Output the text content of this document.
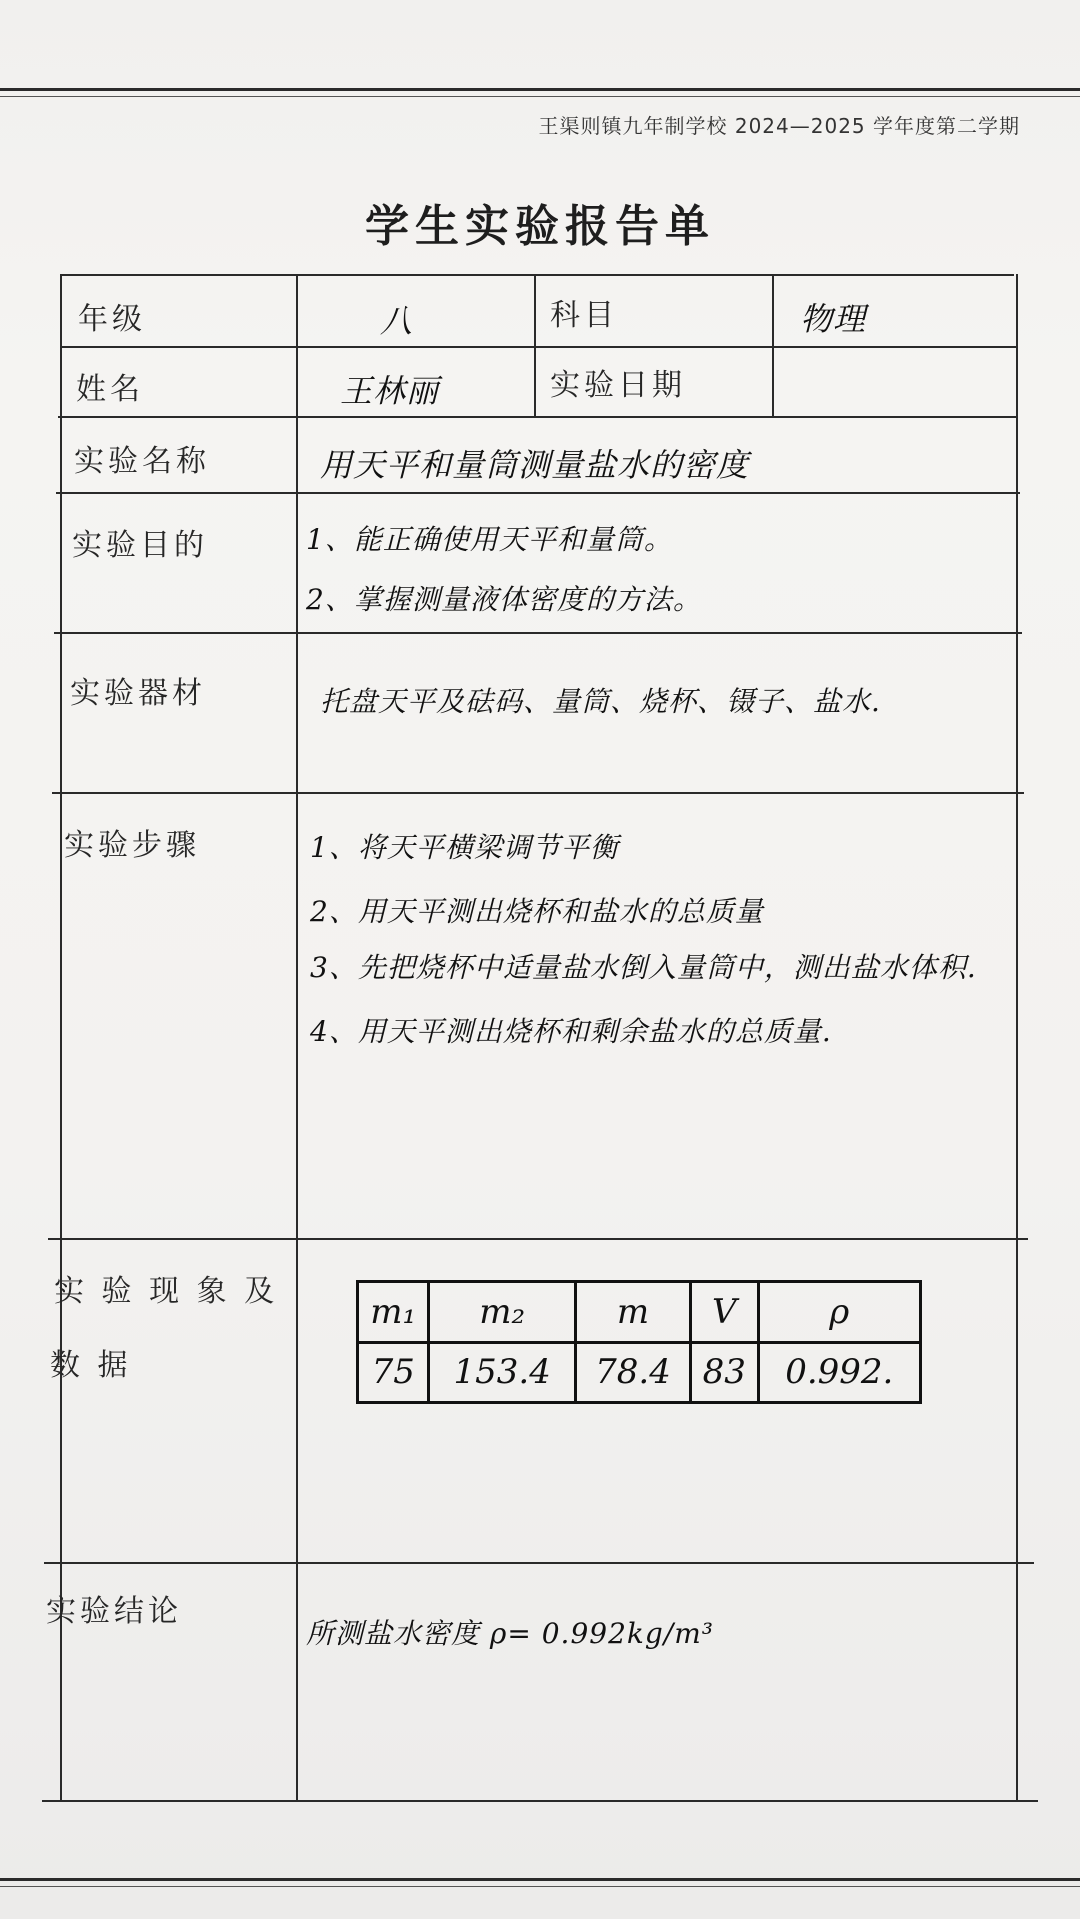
王渠则镇九年制学校 2024—2025 学年度第二学期
学生实验报告单
年级	八	科目	物理
姓名	王林丽	实验日期
实验名称	用天平和量筒测量盐水的密度
实验目的	1、能正确使用天平和量筒。
2、掌握测量液体密度的方法。
实验器材	托盘天平及砝码、量筒、烧杯、镊子、盐水.
实验步骤	1、将天平横梁调节平衡
2、用天平测出烧杯和盐水的总质量
3、先把烧杯中适量盐水倒入量筒中，测出盐水体积.
4、用天平测出烧杯和剩余盐水的总质量.
实 验 现 象 及
数 据
m₁	m₂	m	V	ρ
75	153.4	78.4	83	0.992.
实验结论
所测盐水密度 ρ= 0.992kg/m³
